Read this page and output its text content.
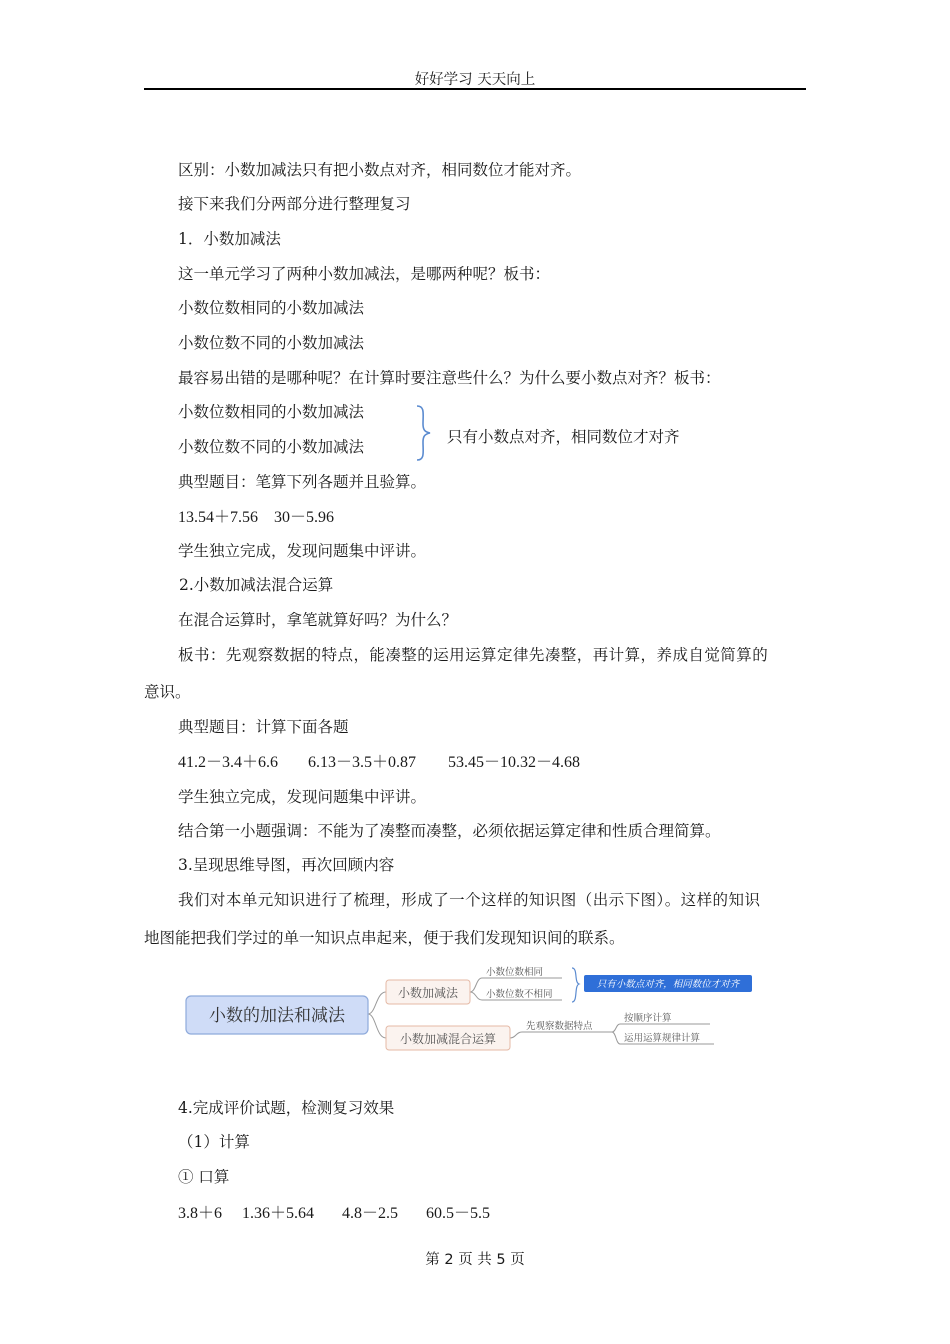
好好学习 天天向上
区别：小数加减法只有把小数点对齐，相同数位才能对齐。
接下来我们分两部分进行整理复习
1．小数加减法
这一单元学习了两种小数加减法，是哪两种呢？板书：
小数位数相同的小数加减法
小数位数不同的小数加减法
最容易出错的是哪种呢？在计算时要注意些什么？为什么要小数点对齐？板书：
小数位数相同的小数加减法
小数位数不同的小数加减法
只有小数点对齐，相同数位才对齐
典型题目：笔算下列各题并且验算。
13.54＋7.56 30－5.96
学生独立完成，发现问题集中评讲。
2.小数加减法混合运算
在混合运算时，拿笔就算好吗？为什么？
板书：先观察数据的特点，能凑整的运用运算定律先凑整，再计算，养成自觉简算的
意识。
典型题目：计算下面各题
41.2－3.4＋6.6 6.13－3.5＋0.87 53.45－10.32－4.68
学生独立完成，发现问题集中评讲。
结合第一小题强调：不能为了凑整而凑整，必须依据运算定律和性质合理简算。
3.呈现思维导图，再次回顾内容
我们对本单元知识进行了梳理，形成了一个这样的知识图（出示下图）。这样的知识
地图能把我们学过的单一知识点串起来，便于我们发现知识间的联系。
小数的加法和减法
小数加减法
小数位数相同
小数位数不相同
只有小数点对齐，相同数位才对齐
小数加减混合运算
先观察数据特点
按顺序计算
运用运算规律计算
4.完成评价试题，检测复习效果
（1）计算
① 口算
3.8＋6 1.36＋5.64 4.8－2.5 60.5－5.5
第 2 页 共 5 页
